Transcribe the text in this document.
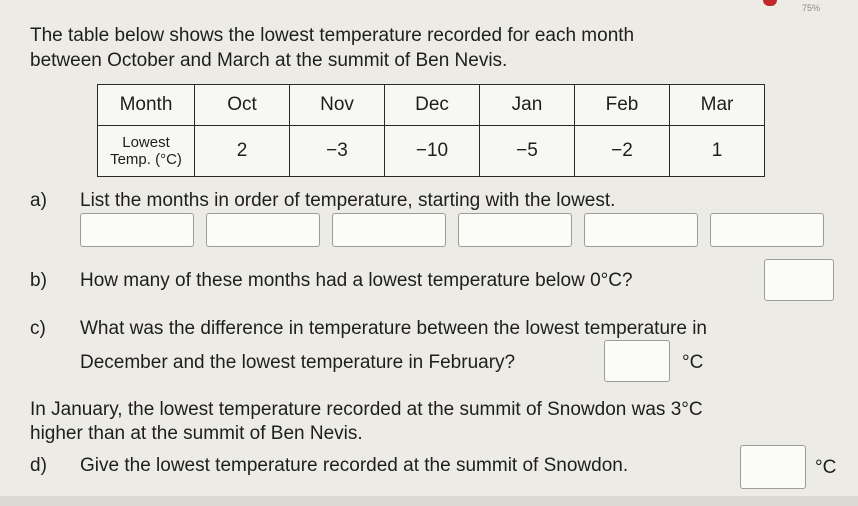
75%
The table below shows the lowest temperature recorded for each month
between October and March at the summit of Ben Nevis.
Month	Oct	Nov	Dec	Jan	Feb	Mar

Lowest
Temp. (°C)	2	−3	−10	−5	−2	1
a) List the months in order of temperature, starting with the lowest.
b) How many of these months had a lowest temperature below 0°C?
c) What was the difference in temperature between the lowest temperature in
December and the lowest temperature in February?	°C
In January, the lowest temperature recorded at the summit of Snowdon was 3°C
higher than at the summit of Ben Nevis.
d) Give the lowest temperature recorded at the summit of Snowdon.	°C
